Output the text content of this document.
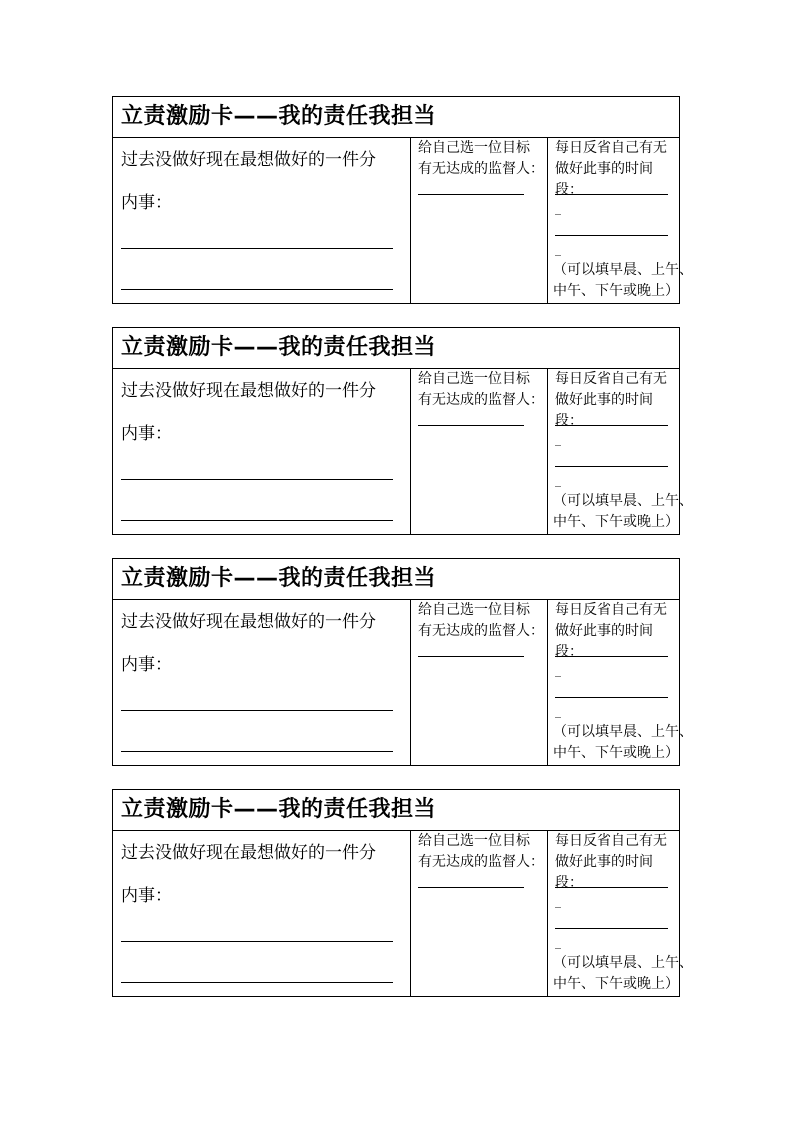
立责激励卡——我的责任我担当
过去没做好现在最想做好的一件分
内事：
给自己选一位目标
有无达成的监督人：
每日反省自己有无
做好此事的时间段：
_
_
（可以填早晨、上午、
中午、下午或晚上）
立责激励卡——我的责任我担当
过去没做好现在最想做好的一件分
内事：
给自己选一位目标
有无达成的监督人：
每日反省自己有无
做好此事的时间段：
_
_
（可以填早晨、上午、
中午、下午或晚上）
立责激励卡——我的责任我担当
过去没做好现在最想做好的一件分
内事：
给自己选一位目标
有无达成的监督人：
每日反省自己有无
做好此事的时间段：
_
_
（可以填早晨、上午、
中午、下午或晚上）
立责激励卡——我的责任我担当
过去没做好现在最想做好的一件分
内事：
给自己选一位目标
有无达成的监督人：
每日反省自己有无
做好此事的时间段：
_
_
（可以填早晨、上午、
中午、下午或晚上）
